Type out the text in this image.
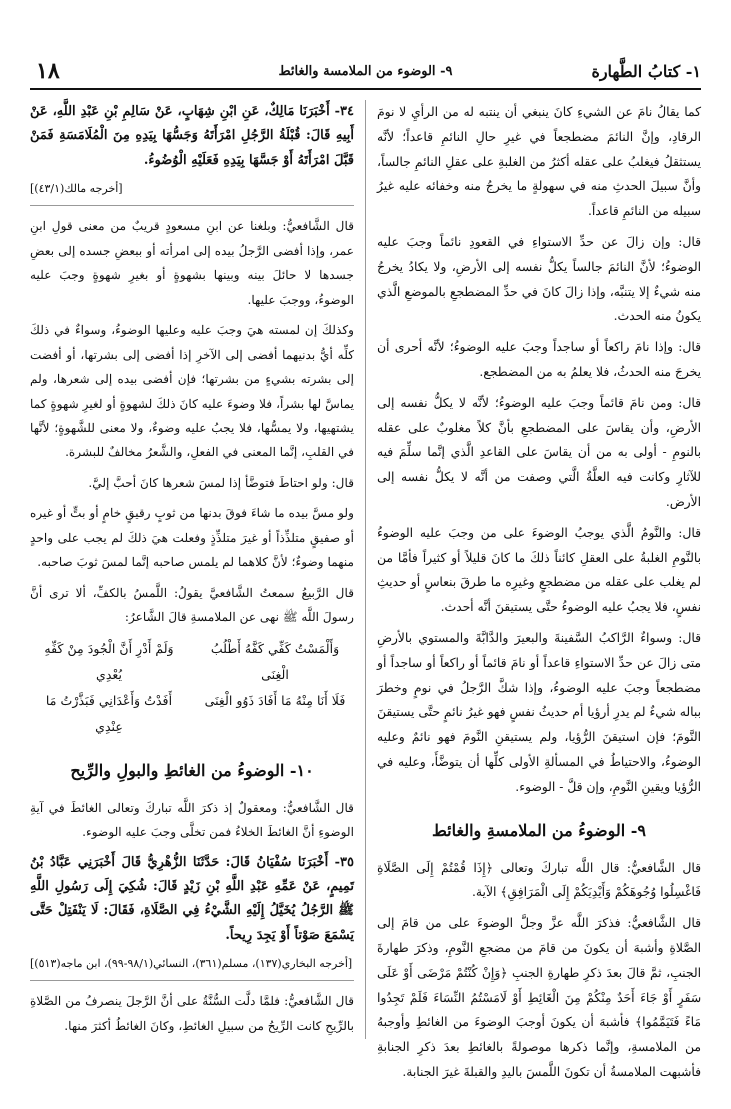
١- كتابُ الطَّهارة
٩- الوضوء من الملامسة والغائط
١٨

كما يقالُ نامَ عن الشيءِ كانَ ينبغي أن ينتبه له من الرأيِ لا نومَ الرقادِ، وإنَّ النائمَ مضطجعاً في غيرِ حالِ النائمِ قاعداً؛ لأنَّه يستثقلُ فيغلبُ على عقله أكثرُ من الغلبةِ على عقلِ النائمِ جالساً، وأنَّ سبيلَ الحدثِ منه في سهولةٍ ما يخرجُ منه وخفائه عليه غيرُ سبيله من النائمِ قاعداً.

قال: وإن زالَ عن حدِّ الاستواءِ في القعودِ نائماً وجبَ عليه الوضوءُ؛ لأنَّ النائمَ جالساً يكلُّ نفسه إلى الأرضِ، ولا يكادُ يخرجُ منه شيءٌ إلا يتنبَّه، وإذا زالَ كانَ في حدِّ المضطجعِ بالموضعِ الَّذي يكونُ منه الحدث.

قال: وإذا نامَ راكعاً أو ساجداً وجبَ عليه الوضوءُ؛ لأنَّه أحرى أن يخرجَ منه الحدثُ، فلا يعلمُ به من المضطجع.

قال: ومن نامَ قائماً وجبَ عليه الوضوءُ؛ لأنَّه لا يكلُّ نفسه إلى الأرضِ، وأن يقاسَ على المضطجعِ بأنَّ كلاً مغلوبٌ على عقله بالنومِ - أولى به من أن يقاسَ على القاعدِ الَّذي إنَّما سلِّمَ فيه للآثارِ وكانت فيه العلَّةُ الَّتي وصفت من أنَّه لا يكلُّ نفسه إلى الأرض.

قال: والنَّومُ الَّذي يوجبُ الوضوءَ على من وجبَ عليه الوضوءُ بالنَّومِ الغلبةُ على العقلِ كائناً ذلكَ ما كانَ قليلاً أو كثيراً فأمَّا من لم يغلب على عقله من مضطجعٍ وغيرِه ما طرقَ بنعاسٍ أو حديثِ نفسٍ، فلا يجبُ عليه الوضوءُ حتَّى يستيقنَ أنَّه أحدث.

قال: وسواءٌ الرَّاكبُ السَّفينةَ والبعيرَ والدَّابَّةَ والمستوي بالأرضِ متى زالَ عن حدِّ الاستواءِ قاعداً أو نامَ قائماً أو راكعاً أو ساجداً أو مضطجعاً وجبَ عليه الوضوءُ، وإذا شكَّ الرَّجلُ في نومٍ وخطرَ بباله شيءٌ لم يدرِ أرؤيا أم حديثُ نفسٍ فهو غيرُ نائمٍ حتَّى يستيقنَ النَّومَ؛ فإن استيقنَ الرُّؤيا، ولم يستيقنِ النَّومَ فهو نائمٌ وعليه الوضوءُ، والاحتياطُ في المسألةِ الأولى كلِّها أن يتوضَّأَ، وعليه في الرُّؤيا ويقينِ النَّومِ، وإن قلَّ - الوضوء.

٩- الوضوءُ من الملامسةِ والغائط

قال الشَّافعيُّ: قال اللَّه تباركَ وتعالى ﴿إِذَا قُمْتُمْ إِلَى الصَّلَاةِ فَاغْسِلُوا وُجُوهَكُمْ وَأَيْدِيَكُمْ إِلَى الْمَرَافِقِ﴾ الآية.

قال الشَّافعيُّ: فذكرَ اللَّه عزَّ وجلَّ الوضوءَ على من قامَ إلى الصَّلاةِ وأشبهَ أن يكونَ من قامَ من مضجعِ النَّومِ، وذكرَ طهارةَ الجنبِ، ثمَّ قالَ بعدَ ذكرِ طهارةِ الجنبِ ﴿وَإِنْ كُنْتُمْ مَرْضَى أَوْ عَلَى سَفَرٍ أَوْ جَاءَ أَحَدٌ مِنْكُمْ مِنَ الْغَائِطِ أَوْ لَامَسْتُمُ النِّسَاءَ فَلَمْ تَجِدُوا مَاءً فَتَيَمَّمُوا﴾ فأشبهَ أن يكونَ أوجبَ الوضوءَ من الغائطِ وأوجبهُ من الملامسةِ، وإنَّما ذكرها موصولةً بالغائطِ بعدَ ذكرِ الجنابةِ فأشبهت الملامسةُ أن تكونَ اللَّمسَ باليدِ والقبلةَ غيرَ الجنابة.

٣٤- أَخْبَرَنَا مَالِكٌ، عَنِ ابْنِ شِهَابٍ، عَنْ سَالِمِ بْنِ عَبْدِ اللَّهِ، عَنْ أَبِيهِ قَالَ: قُبْلَةُ الرَّجُلِ امْرَأَتَهُ وَجَسُّهَا بِيَدِهِ مِنَ الْمُلَامَسَةِ فَمَنْ قَبَّلَ امْرَأَتَهُ أَوْ جَسَّهَا بِيَدِهِ فَعَلَيْهِ الْوُضُوءُ.

[أخرجه مالك(٤٣/١)]

قال الشَّافعيُّ: وبلغنا عن ابنِ مسعودٍ قريبٌ من معنى قولِ ابنِ عمر، وإذا أفضى الرَّجلُ بيده إلى امرأته أو ببعضِ جسده إلى بعضِ جسدها لا حائلَ بينه وبينها بشهوةٍ أو بغيرِ شهوةٍ وجبَ عليه الوضوءُ، ووجبَ عليها.

وكذلكَ إن لمسته هيَ وجبَ عليه وعليها الوضوءُ، وسواءٌ في ذلكَ كلِّه أيُّ بدنيهما أفضى إلى الآخرِ إذا أفضى إلى بشرتها، أو أفضت إلى بشرته بشيءٍ من بشرتها؛ فإن أفضى بيده إلى شعرها، ولم يماسَّ لها بشراً، فلا وضوءَ عليه كانَ ذلكَ لشهوةٍ أو لغيرِ شهوةٍ كما يشتهيها، ولا يمسُّها، فلا يجبُ عليه وضوءٌ، ولا معنى للشَّهوةٍ؛ لأنَّها في القلبِ، إنَّما المعنى في الفعلِ، والشَّعرُ مخالفٌ للبشرة.

قال: ولو احتاطَ فتوضَّأ إذا لمسَ شعرها كانَ أحبَّ إليَّ.

ولو مسَّ بيده ما شاءَ فوقَ بدنها من ثوبٍ رقيقٍ خامٍ أو بتٍّ أو غيره أو صفيقٍ متلذِّذاً أو غيرَ متلذِّذٍ وفعلت هيَ ذلكَ لم يجب على واحدٍ منهما وضوءٌ؛ لأنَّ كلاهما لم يلمس صاحبه إنَّما لمسَ ثوبَ صاحبه.

قال الرَّبيعُ سمعتُ الشَّافعيَّ يقولُ: اللَّمسُ بالكفِّ، ألا ترى أنَّ رسولَ اللَّه ﷺ نهى عن الملامسةِ قالَ الشَّاعرُ:

وَأَلْمَسْتُ كَفِّي كَفَّهُ أَطْلُبُ الْغِنَى
وَلَمْ أَدْرِ أَنَّ الْجُودَ مِنْ كَفِّهِ يُعْدِي
فَلَا أَنَا مِنْهُ مَا أَفَادَ ذَوُو الْغِنَى
أَفَدْتُ وَأَعْدَانِي فَبَذَّرْتُ مَا عِنْدِي
١٠- الوضوءُ من الغائطِ والبولِ والرِّيح

قال الشَّافعيُّ: ومعقولٌ إذ ذكرَ اللَّه تباركَ وتعالى الغائطَ في آيةِ الوضوءِ أنَّ الغائطَ الخلاءُ فمن تخلَّى وجبَ عليه الوضوء.

٣٥- أَخْبَرَنَا سُفْيَانُ قَالَ: حَدَّثَنَا الزُّهْرِيُّ قَالَ أَخْبَرَنِي عَبَّادُ بْنُ تَمِيمٍ، عَنْ عَمِّهِ عَبْدِ اللَّهِ بْنِ زَيْدٍ قَالَ: شُكِيَ إِلَى رَسُولِ اللَّهِ ﷺ الرَّجُلُ يُخَيَّلُ إِلَيْهِ الشَّيْءُ فِي الصَّلَاةِ، فَقَالَ: لَا يَنْفَتِلْ حَتَّى يَسْمَعَ صَوْتاً أَوْ يَجِدَ رِيحاً.

[أخرجه البخاري(١٣٧)، مسلم(٣٦١)، النسائي(٩٨/١-٩٩)، ابن ماجه(٥١٣)]

قال الشَّافعيُّ: فلمَّا دلَّت السُّنَّةُ على أنَّ الرَّجلَ ينصرفُ من الصَّلاةِ بالرِّيحِ كانت الرِّيحُ من سبيلِ الغائطِ، وكانَ الغائطُ أكثرَ منها.
